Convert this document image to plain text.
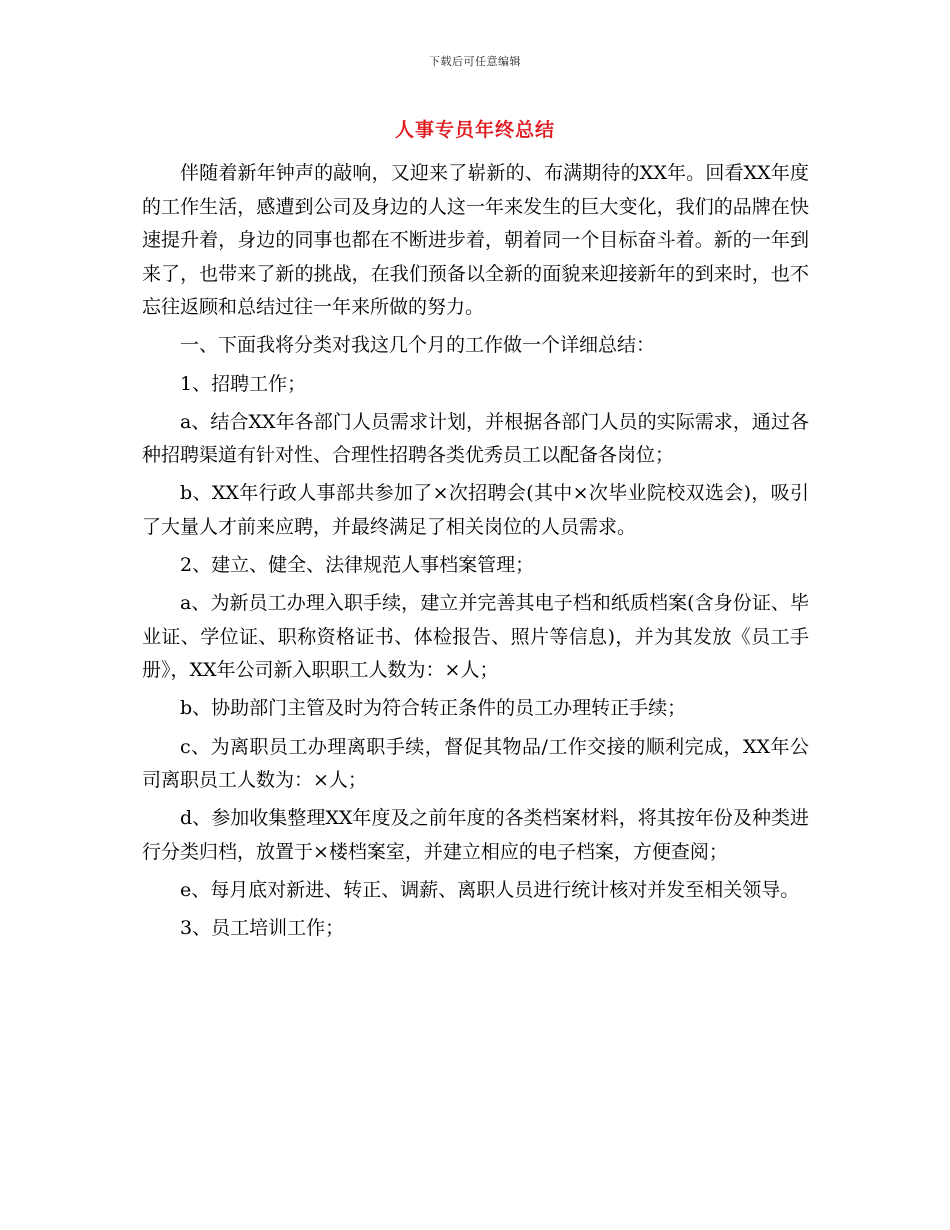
下载后可任意编辑
人事专员年终总结

伴随着新年钟声的敲响，又迎来了崭新的、布满期待的XX年。回看XX年度的工作生活，感遭到公司及身边的人这一年来发生的巨大变化，我们的品牌在快速提升着，身边的同事也都在不断进步着，朝着同一个目标奋斗着。新的一年到来了，也带来了新的挑战，在我们预备以全新的面貌来迎接新年的到来时，也不忘往返顾和总结过往一年来所做的努力。

一、下面我将分类对我这几个月的工作做一个详细总结：

1、招聘工作；

a、结合XX年各部门人员需求计划，并根据各部门人员的实际需求，通过各种招聘渠道有针对性、合理性招聘各类优秀员工以配备各岗位；

b、XX年行政人事部共参加了×次招聘会(其中×次毕业院校双选会)，吸引了大量人才前来应聘，并最终满足了相关岗位的人员需求。

2、建立、健全、法律规范人事档案管理；

a、为新员工办理入职手续，建立并完善其电子档和纸质档案(含身份证、毕业证、学位证、职称资格证书、体检报告、照片等信息)，并为其发放《员工手册》，XX年公司新入职职工人数为：×人；

b、协助部门主管及时为符合转正条件的员工办理转正手续；

c、为离职员工办理离职手续，督促其物品/工作交接的顺利完成，XX年公司离职员工人数为：×人；

d、参加收集整理XX年度及之前年度的各类档案材料，将其按年份及种类进行分类归档，放置于×楼档案室，并建立相应的电子档案，方便查阅；

e、每月底对新进、转正、调薪、离职人员进行统计核对并发至相关领导。

3、员工培训工作；
